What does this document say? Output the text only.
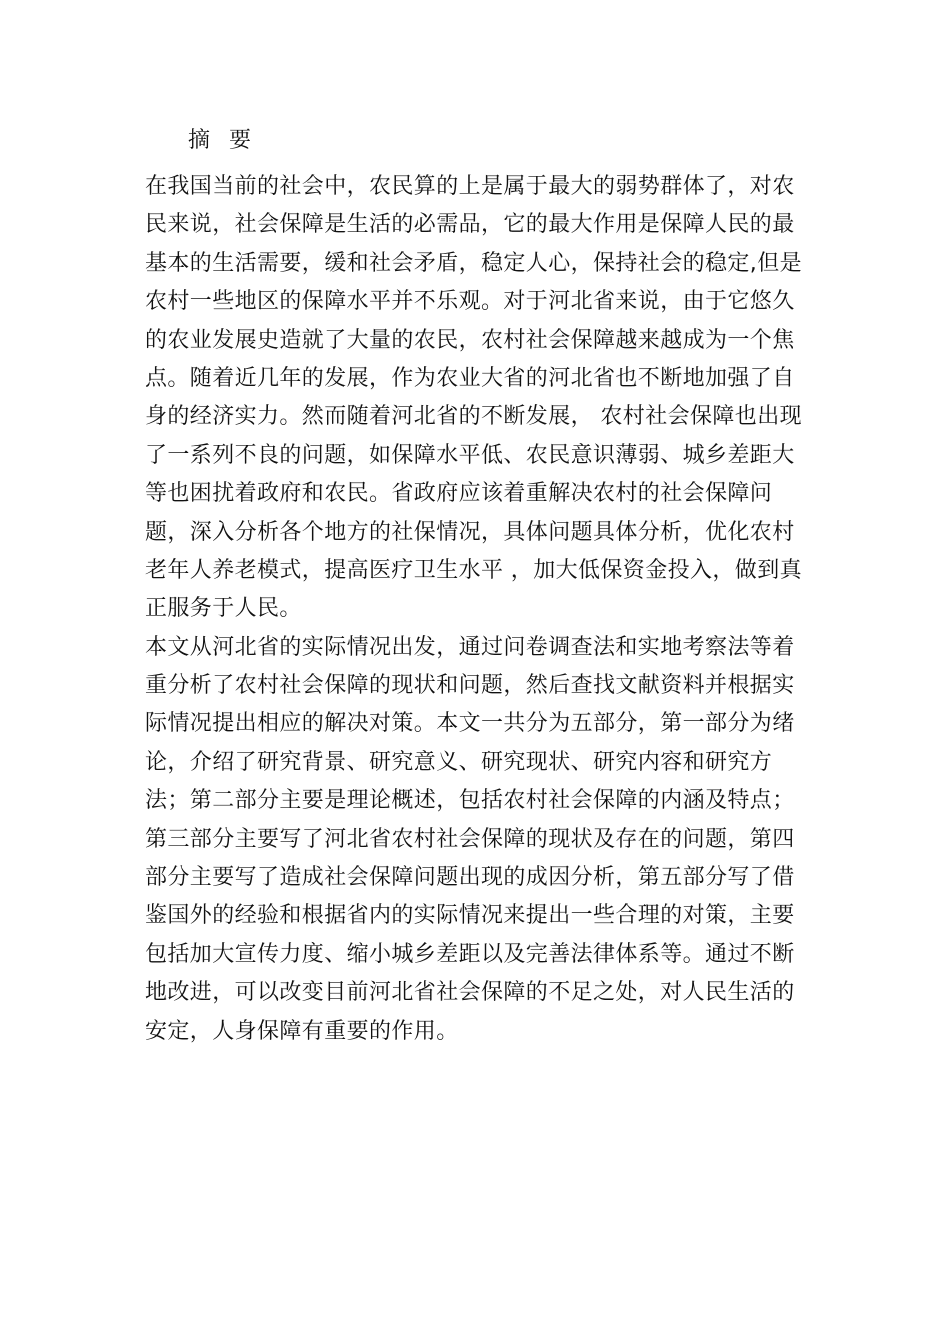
摘 要
在我国当前的社会中，农民算的上是属于最大的弱势群体了，对农
民来说，社会保障是生活的必需品，它的最大作用是保障人民的最
基本的生活需要，缓和社会矛盾，稳定人心，保持社会的稳定,但是
农村一些地区的保障水平并不乐观。对于河北省来说，由于它悠久
的农业发展史造就了大量的农民，农村社会保障越来越成为一个焦
点。随着近几年的发展，作为农业大省的河北省也不断地加强了自
身的经济实力。然而随着河北省的不断发展， 农村社会保障也出现
了一系列不良的问题，如保障水平低、农民意识薄弱、城乡差距大
等也困扰着政府和农民。省政府应该着重解决农村的社会保障问
题，深入分析各个地方的社保情况，具体问题具体分析，优化农村
老年人养老模式，提高医疗卫生水平 ，加大低保资金投入，做到真
正服务于人民。
本文从河北省的实际情况出发，通过问卷调查法和实地考察法等着
重分析了农村社会保障的现状和问题，然后查找文献资料并根据实
际情况提出相应的解决对策。本文一共分为五部分，第一部分为绪
论，介绍了研究背景、研究意义、研究现状、研究内容和研究方
法；第二部分主要是理论概述，包括农村社会保障的内涵及特点；
第三部分主要写了河北省农村社会保障的现状及存在的问题，第四
部分主要写了造成社会保障问题出现的成因分析，第五部分写了借
鉴国外的经验和根据省内的实际情况来提出一些合理的对策，主要
包括加大宣传力度、缩小城乡差距以及完善法律体系等。通过不断
地改进，可以改变目前河北省社会保障的不足之处，对人民生活的
安定，人身保障有重要的作用。
